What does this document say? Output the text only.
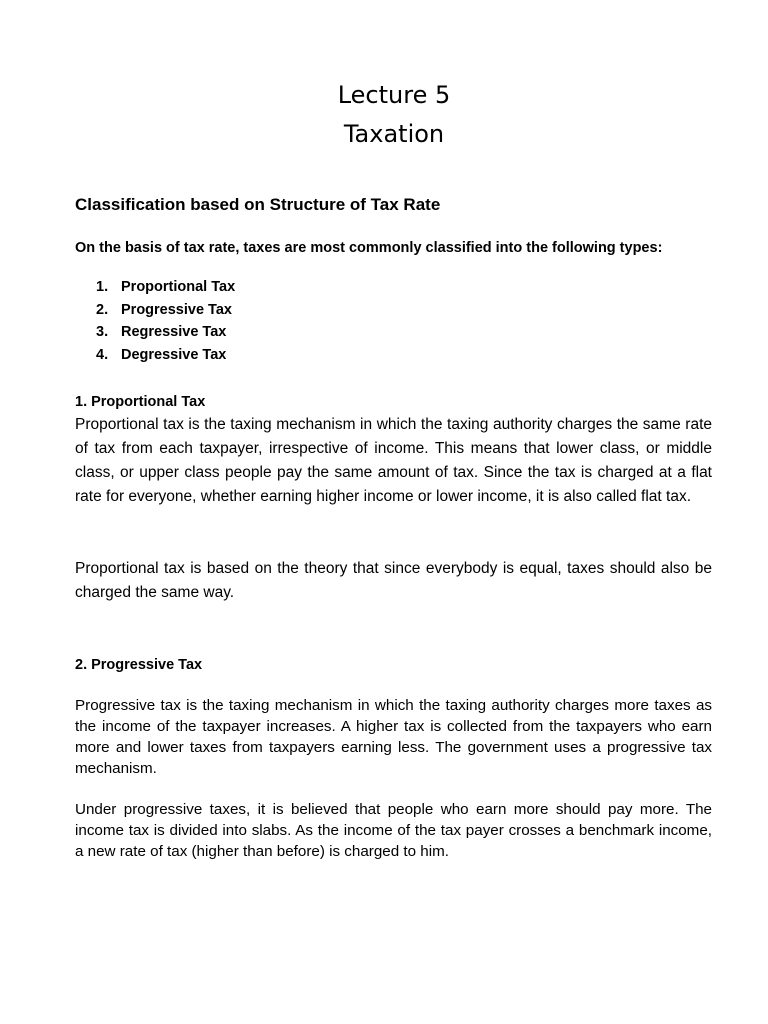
Lecture 5
Taxation
Classification based on Structure of Tax Rate

On the basis of tax rate, taxes are most commonly classified into the following types:

1. Proportional Tax
2. Progressive Tax
3. Regressive Tax
4. Degressive Tax
1. Proportional Tax

Proportional tax is the taxing mechanism in which the taxing authority charges the same rate of tax from each taxpayer, irrespective of income. This means that lower class, or middle class, or upper class people pay the same amount of tax. Since the tax is charged at a flat rate for everyone, whether earning higher income or lower income, it is also called flat tax.

Proportional tax is based on the theory that since everybody is equal, taxes should also be charged the same way.

2. Progressive Tax

Progressive tax is the taxing mechanism in which the taxing authority charges more taxes as the income of the taxpayer increases. A higher tax is collected from the taxpayers who earn more and lower taxes from taxpayers earning less. The government uses a progressive tax mechanism.

Under progressive taxes, it is believed that people who earn more should pay more. The income tax is divided into slabs. As the income of the tax payer crosses a benchmark income, a new rate of tax (higher than before) is charged to him.
